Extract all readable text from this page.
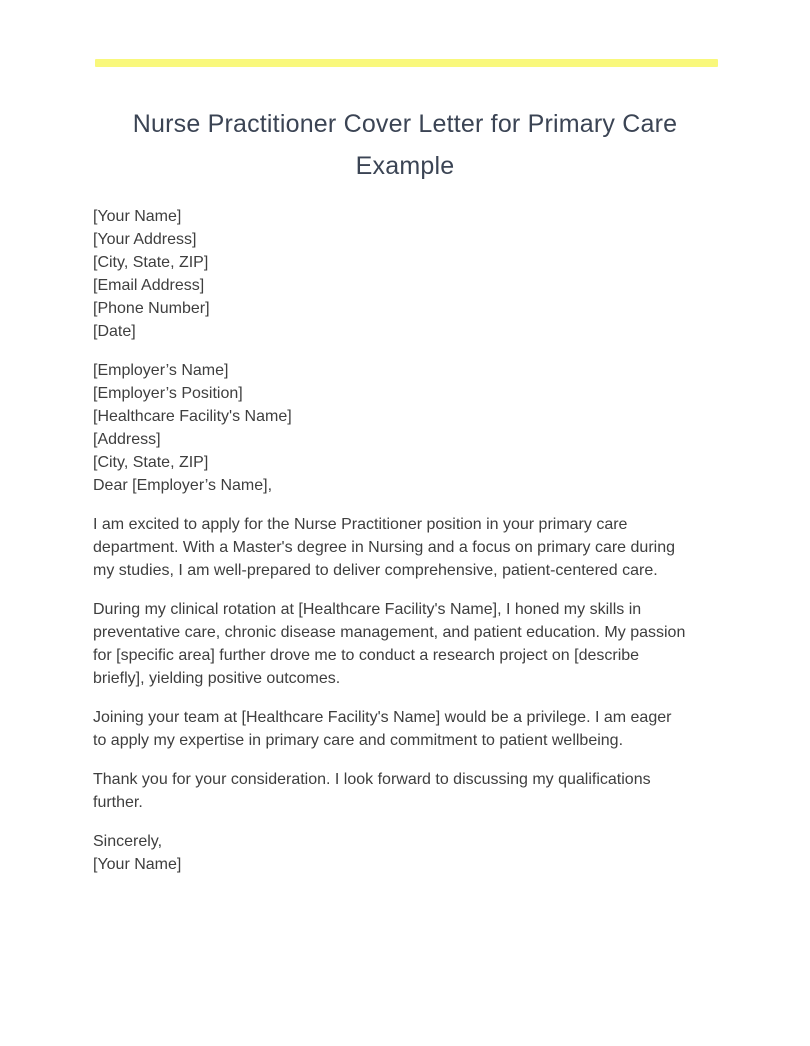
Nurse Practitioner Cover Letter for Primary Care Example
[Your Name]
[Your Address]
[City, State, ZIP]
[Email Address]
[Phone Number]
[Date]
[Employer’s Name]
[Employer’s Position]
[Healthcare Facility's Name]
[Address]
[City, State, ZIP]
Dear [Employer’s Name],

I am excited to apply for the Nurse Practitioner position in your primary care department. With a Master's degree in Nursing and a focus on primary care during my studies, I am well-prepared to deliver comprehensive, patient-centered care.

During my clinical rotation at [Healthcare Facility's Name], I honed my skills in preventative care, chronic disease management, and patient education. My passion for [specific area] further drove me to conduct a research project on [describe briefly], yielding positive outcomes.

Joining your team at [Healthcare Facility's Name] would be a privilege. I am eager to apply my expertise in primary care and commitment to patient wellbeing.

Thank you for your consideration. I look forward to discussing my qualifications further.

Sincerely,
[Your Name]
